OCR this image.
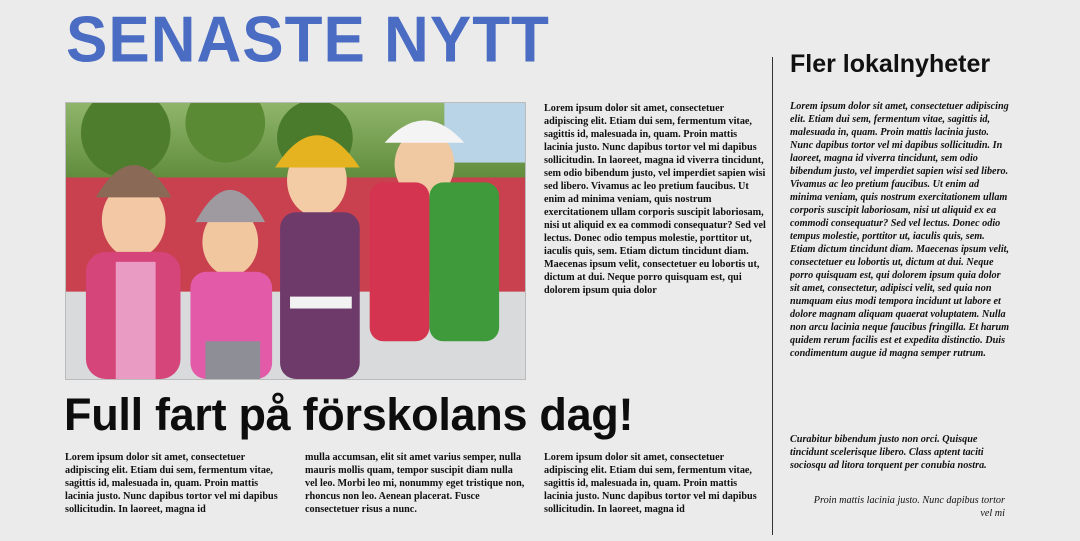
SENASTE NYTT

Lorem ipsum dolor sit amet, consectetuer adipiscing elit. Etiam dui sem, fermentum vitae, sagittis id, malesuada in, quam. Proin mattis lacinia justo. Nunc dapibus tortor vel mi dapibus sollicitudin. In laoreet, magna id viverra tincidunt, sem odio bibendum justo, vel imperdiet sapien wisi sed libero. Vivamus ac leo pretium faucibus. Ut enim ad minima veniam, quis nostrum exercitationem ullam corporis suscipit laboriosam, nisi ut aliquid ex ea commodi consequatur? Sed vel lectus. Donec odio tempus molestie, porttitor ut, iaculis quis, sem. Etiam dictum tincidunt diam. Maecenas ipsum velit, consectetuer eu lobortis ut, dictum at dui. Neque porro quisquam est, qui dolorem ipsum quia dolor

Full fart på förskolans dag!

Lorem ipsum dolor sit amet, consectetuer adipiscing elit. Etiam dui sem, fermentum vitae, sagittis id, malesuada in, quam. Proin mattis lacinia justo. Nunc dapibus tortor vel mi dapibus sollicitudin. In laoreet, magna id

mulla accumsan, elit sit amet varius semper, nulla mauris mollis quam, tempor suscipit diam nulla vel leo. Morbi leo mi, nonummy eget tristique non, rhoncus non leo. Aenean placerat. Fusce consectetuer risus a nunc.

Lorem ipsum dolor sit amet, consectetuer adipiscing elit. Etiam dui sem, fermentum vitae, sagittis id, malesuada in, quam. Proin mattis lacinia justo. Nunc dapibus tortor vel mi dapibus sollicitudin. In laoreet, magna id

Fler lokalnyheter

Lorem ipsum dolor sit amet, consectetuer adipiscing elit. Etiam dui sem, fermentum vitae, sagittis id, malesuada in, quam. Proin mattis lacinia justo. Nunc dapibus tortor vel mi dapibus sollicitudin. In laoreet, magna id viverra tincidunt, sem odio bibendum justo, vel imperdiet sapien wisi sed libero. Vivamus ac leo pretium faucibus. Ut enim ad minima veniam, quis nostrum exercitationem ullam corporis suscipit laboriosam, nisi ut aliquid ex ea commodi consequatur? Sed vel lectus. Donec odio tempus molestie, porttitor ut, iaculis quis, sem. Etiam dictum tincidunt diam. Maecenas ipsum velit, consectetuer eu lobortis ut, dictum at dui. Neque porro quisquam est, qui dolorem ipsum quia dolor sit amet, consectetur, adipisci velit, sed quia non numquam eius modi tempora incidunt ut labore et dolore magnam aliquam quaerat voluptatem. Nulla non arcu lacinia neque faucibus fringilla. Et harum quidem rerum facilis est et expedita distinctio. Duis condimentum augue id magna semper rutrum.

Curabitur bibendum justo non orci. Quisque tincidunt scelerisque libero. Class aptent taciti sociosqu ad litora torquent per conubia nostra.

Proin mattis lacinia justo. Nunc dapibus tortor vel mi
